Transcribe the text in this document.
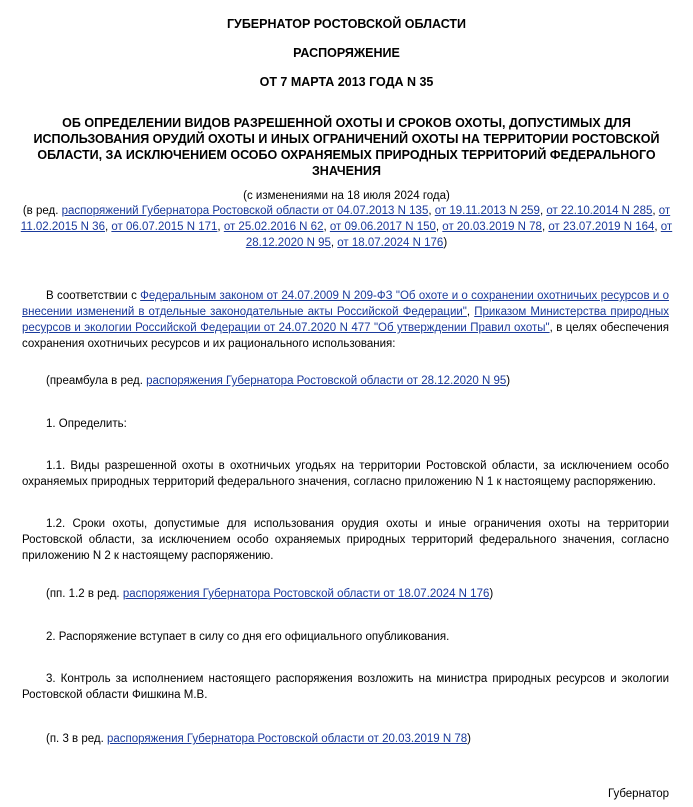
ГУБЕРНАТОР РОСТОВСКОЙ ОБЛАСТИ
РАСПОРЯЖЕНИЕ
ОТ 7 МАРТА 2013 ГОДА N 35
ОБ ОПРЕДЕЛЕНИИ ВИДОВ РАЗРЕШЕННОЙ ОХОТЫ И СРОКОВ ОХОТЫ, ДОПУСТИМЫХ ДЛЯ ИСПОЛЬЗОВАНИЯ ОРУДИЙ ОХОТЫ И ИНЫХ ОГРАНИЧЕНИЙ ОХОТЫ НА ТЕРРИТОРИИ РОСТОВСКОЙ ОБЛАСТИ, ЗА ИСКЛЮЧЕНИЕМ ОСОБО ОХРАНЯЕМЫХ ПРИРОДНЫХ ТЕРРИТОРИЙ ФЕДЕРАЛЬНОГО ЗНАЧЕНИЯ
(с изменениями на 18 июля 2024 года)
(в ред. распоряжений Губернатора Ростовской области от 04.07.2013 N 135, от 19.11.2013 N 259, от 22.10.2014 N 285, от 11.02.2015 N 36, от 06.07.2015 N 171, от 25.02.2016 N 62, от 09.06.2017 N 150, от 20.03.2019 N 78, от 23.07.2019 N 164, от 28.12.2020 N 95, от 18.07.2024 N 176)
В соответствии с Федеральным законом от 24.07.2009 N 209-ФЗ "Об охоте и о сохранении охотничьих ресурсов и о внесении изменений в отдельные законодательные акты Российской Федерации", Приказом Министерства природных ресурсов и экологии Российской Федерации от 24.07.2020 N 477 "Об утверждении Правил охоты", в целях обеспечения сохранения охотничьих ресурсов и их рационального использования:
(преамбула в ред. распоряжения Губернатора Ростовской области от 28.12.2020 N 95)
1. Определить:
1.1. Виды разрешенной охоты в охотничьих угодьях на территории Ростовской области, за исключением особо охраняемых природных территорий федерального значения, согласно приложению N 1 к настоящему распоряжению.
1.2. Сроки охоты, допустимые для использования орудия охоты и иные ограничения охоты на территории Ростовской области, за исключением особо охраняемых природных территорий федерального значения, согласно приложению N 2 к настоящему распоряжению.
(пп. 1.2 в ред. распоряжения Губернатора Ростовской области от 18.07.2024 N 176)
2. Распоряжение вступает в силу со дня его официального опубликования.
3. Контроль за исполнением настоящего распоряжения возложить на министра природных ресурсов и экологии Ростовской области Фишкина М.В.
(п. 3 в ред. распоряжения Губернатора Ростовской области от 20.03.2019 N 78)
Губернатор
